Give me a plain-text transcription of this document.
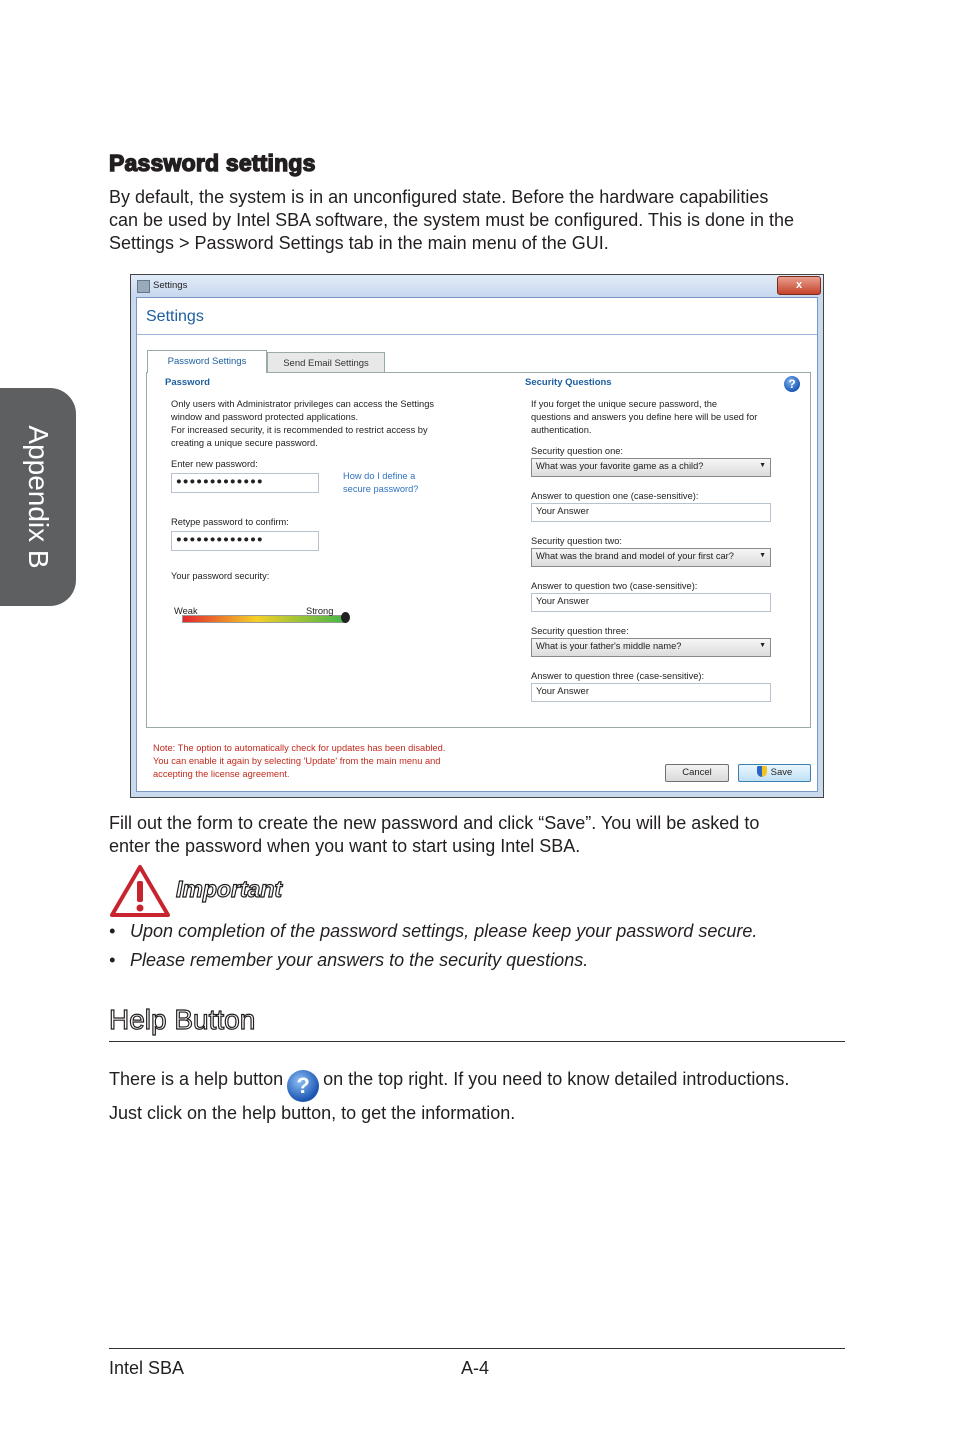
Appendix B
Password settings
By default, the system is in an unconfigured state. Before the hardware capabilities
can be used by Intel SBA software, the system must be configured. This is done in the
Settings > Password Settings tab in the main menu of the GUI.
Settings	x
Settings
Password Settings	Send Email Settings
Password
Only users with Administrator privileges can access the Settings
window and password protected applications.
For increased security, it is recommended to restrict access by
creating a unique secure password.
Enter new password:
●●●●●●●●●●●●●	How do I define a
secure password?
Retype password to confirm:
●●●●●●●●●●●●●
Your password security:
Weak	Strong
Security Questions	?
If you forget the unique secure password, the
questions and answers you define here will be used for
authentication.
Security question one:
What was your favorite game as a child?	▼
Answer to question one (case-sensitive):
Your Answer
Security question two:
What was the brand and model of your first car?	▼
Answer to question two (case-sensitive):
Your Answer
Security question three:
What is your father's middle name?	▼
Answer to question three (case-sensitive):
Your Answer
Note: The option to automatically check for updates has been disabled.
You can enable it again by selecting 'Update' from the main menu and
accepting the license agreement.	Cancel	Save
Fill out the form to create the new password and click “Save”. You will be asked to
enter the password when you want to start using Intel SBA.
Important
• Upon completion of the password settings, please keep your password secure.
• Please remember your answers to the security questions.
Help Button
There is a help button ? on the top right. If you need to know detailed introductions.
Just click on the help button, to get the information.
Intel SBA	A-4
